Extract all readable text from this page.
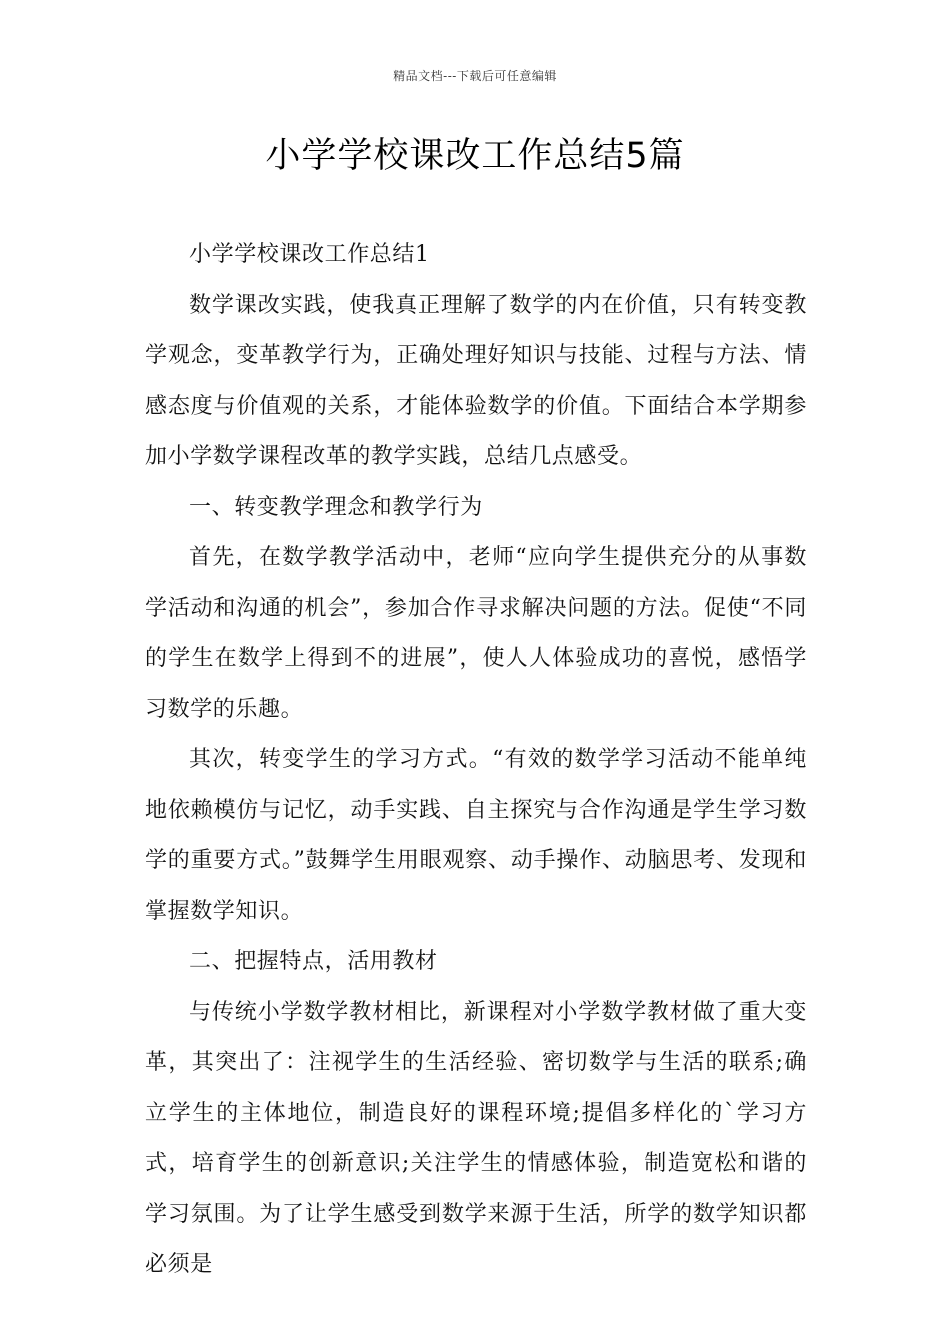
精品文档---下载后可任意编辑
小学学校课改工作总结5篇

小学学校课改工作总结1

数学课改实践，使我真正理解了数学的内在价值，只有转变教学观念，变革教学行为，正确处理好知识与技能、过程与方法、情感态度与价值观的关系，才能体验数学的价值。下面结合本学期参加小学数学课程改革的教学实践，总结几点感受。

一、转变教学理念和教学行为

首先，在数学教学活动中，老师“应向学生提供充分的从事数学活动和沟通的机会”，参加合作寻求解决问题的方法。促使“不同的学生在数学上得到不的进展”，使人人体验成功的喜悦，感悟学习数学的乐趣。

其次，转变学生的学习方式。“有效的数学学习活动不能单纯地依赖模仿与记忆，动手实践、自主探究与合作沟通是学生学习数学的重要方式。”鼓舞学生用眼观察、动手操作、动脑思考、发现和掌握数学知识。

二、把握特点，活用教材

与传统小学数学教材相比，新课程对小学数学教材做了重大变革，其突出了：注视学生的生活经验、密切数学与生活的联系;确立学生的主体地位，制造良好的课程环境;提倡多样化的`学习方式，培育学生的创新意识;关注学生的情感体验，制造宽松和谐的学习氛围。为了让学生感受到数学来源于生活，所学的数学知识都必须是
